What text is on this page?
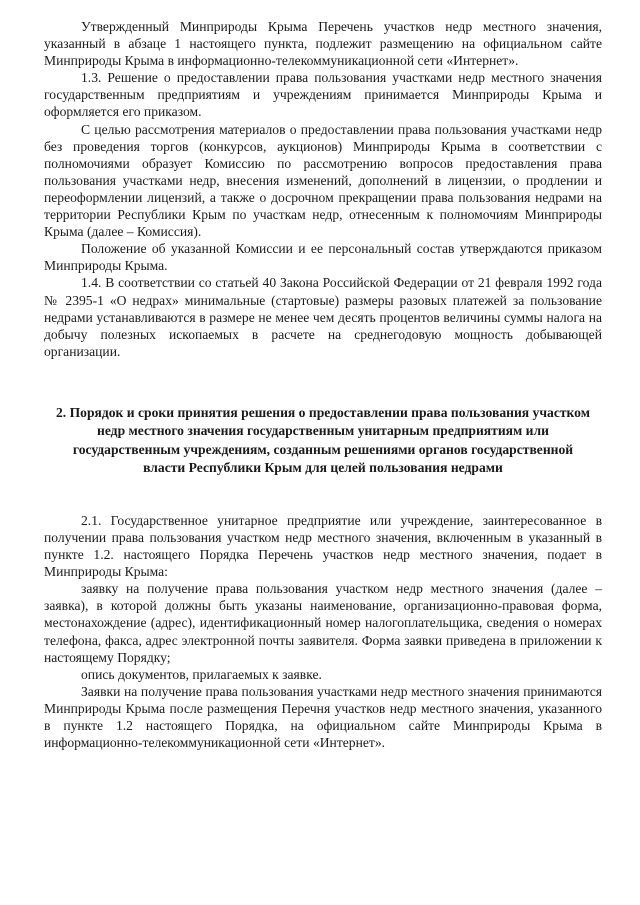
Утвержденный Минприроды Крыма Перечень участков недр местного значения, указанный в абзаце 1 настоящего пункта, подлежит размещению на официальном сайте Минприроды Крыма в информационно-телекоммуникационной сети «Интернет».

1.3. Решение о предоставлении права пользования участками недр местного значения государственным предприятиям и учреждениям принимается Минприроды Крыма и оформляется его приказом.

С целью рассмотрения материалов о предоставлении права пользования участками недр без проведения торгов (конкурсов, аукционов) Минприроды Крыма в соответствии с полномочиями образует Комиссию по рассмотрению вопросов предоставления права пользования участками недр, внесения изменений, дополнений в лицензии, о продлении и переоформлении лицензий, а также о досрочном прекращении права пользования недрами на территории Республики Крым по участкам недр, отнесенным к полномочиям Минприроды Крыма (далее – Комиссия).

Положение об указанной Комиссии и ее персональный состав утверждаются приказом Минприроды Крыма.

1.4. В соответствии со статьей 40 Закона Российской Федерации от 21 февраля 1992 года № 2395-1 «О недрах» минимальные (стартовые) размеры разовых платежей за пользование недрами устанавливаются в размере не менее чем десять процентов величины суммы налога на добычу полезных ископаемых в расчете на среднегодовую мощность добывающей организации.

2. Порядок и сроки принятия решения о предоставлении права пользования участком недр местного значения государственным унитарным предприятиям или государственным учреждениям, созданным решениями органов государственной власти Республики Крым для целей пользования недрами

2.1. Государственное унитарное предприятие или учреждение, заинтересованное в получении права пользования участком недр местного значения, включенным в указанный в пункте 1.2. настоящего Порядка Перечень участков недр местного значения, подает в Минприроды Крыма:

заявку на получение права пользования участком недр местного значения (далее – заявка), в которой должны быть указаны наименование, организационно-правовая форма, местонахождение (адрес), идентификационный номер налогоплательщика, сведения о номерах телефона, факса, адрес электронной почты заявителя. Форма заявки приведена в приложении к настоящему Порядку;

опись документов, прилагаемых к заявке.

Заявки на получение права пользования участками недр местного значения принимаются Минприроды Крыма после размещения Перечня участков недр местного значения, указанного в пункте 1.2 настоящего Порядка, на официальном сайте Минприроды Крыма в информационно-телекоммуникационной сети «Интернет».
